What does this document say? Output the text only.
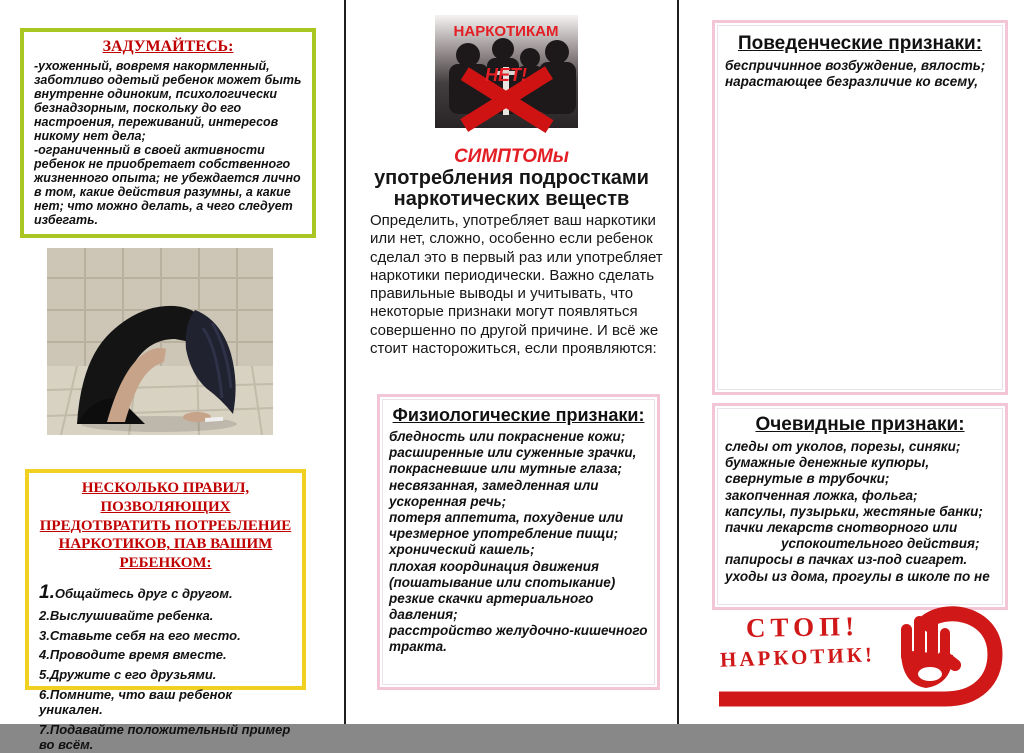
ЗАДУМАЙТЕСЬ:

-ухоженный, вовремя накормленный, заботливо одетый ребенок может быть внутренне одиноким, психологически безнадзорным, поскольку до его настроения, переживаний, интересов никому нет дела;

-ограниченный в своей активности ребенок не приобретает собственного жизненного опыта; не убеждается лично в том, какие действия разумны, а какие нет; что можно делать, а чего следует избегать.

НЕСКОЛЬКО ПРАВИЛ, ПОЗВОЛЯЮЩИХ ПРЕДОТВРАТИТЬ ПОТРЕБЛЕНИЕ НАРКОТИКОВ, ПАВ ВАШИМ РЕБЕНКОМ:
1.Общайтесь друг с другом.
2.Выслушивайте ребенка.
3.Ставьте себя на его место.
4.Проводите время вместе.
5.Дружите с его друзьями.
6.Помните, что ваш ребенок уникален.
7.Подавайте положительный пример во всём.
НАРКОТИКАМ
НЕТ!
СИМПТОМы
употребления подростками наркотических веществ
Определить, употребляет ваш наркотики или нет, сложно, особенно если ребенок сделал это в первый раз или употребляет наркотики периодически. Важно сделать правильные выводы и учитывать, что некоторые признаки могут появляться совершенно по другой причине. И всё же стоит насторожиться, если проявляются:
Физиологические признаки:
бледность или покраснение кожи;
расширенные или суженные зрачки, покрасневшие или мутные глаза;
несвязанная, замедленная или ускоренная речь;
потеря аппетита, похудение или чрезмерное употребление пищи;
хронический кашель;
плохая координация движения (пошатывание или спотыкание)
резкие скачки артериального давления;
расстройство желудочно-кишечного тракта.
Поведенческие признаки:
беспричинное возбуждение, вялость;
нарастающее безразличие ко всему,
Очевидные признаки:
следы от уколов, порезы, синяки;
бумажные денежные купюры, свернутые в трубочки;
закопченная ложка, фольга;
капсулы, пузырьки, жестяные банки;
пачки лекарств снотворного или
успокоительного действия;
папиросы в пачках из-под сигарет.
уходы из дома, прогулы в школе по не
СТОП!
НАРКОТИК!
